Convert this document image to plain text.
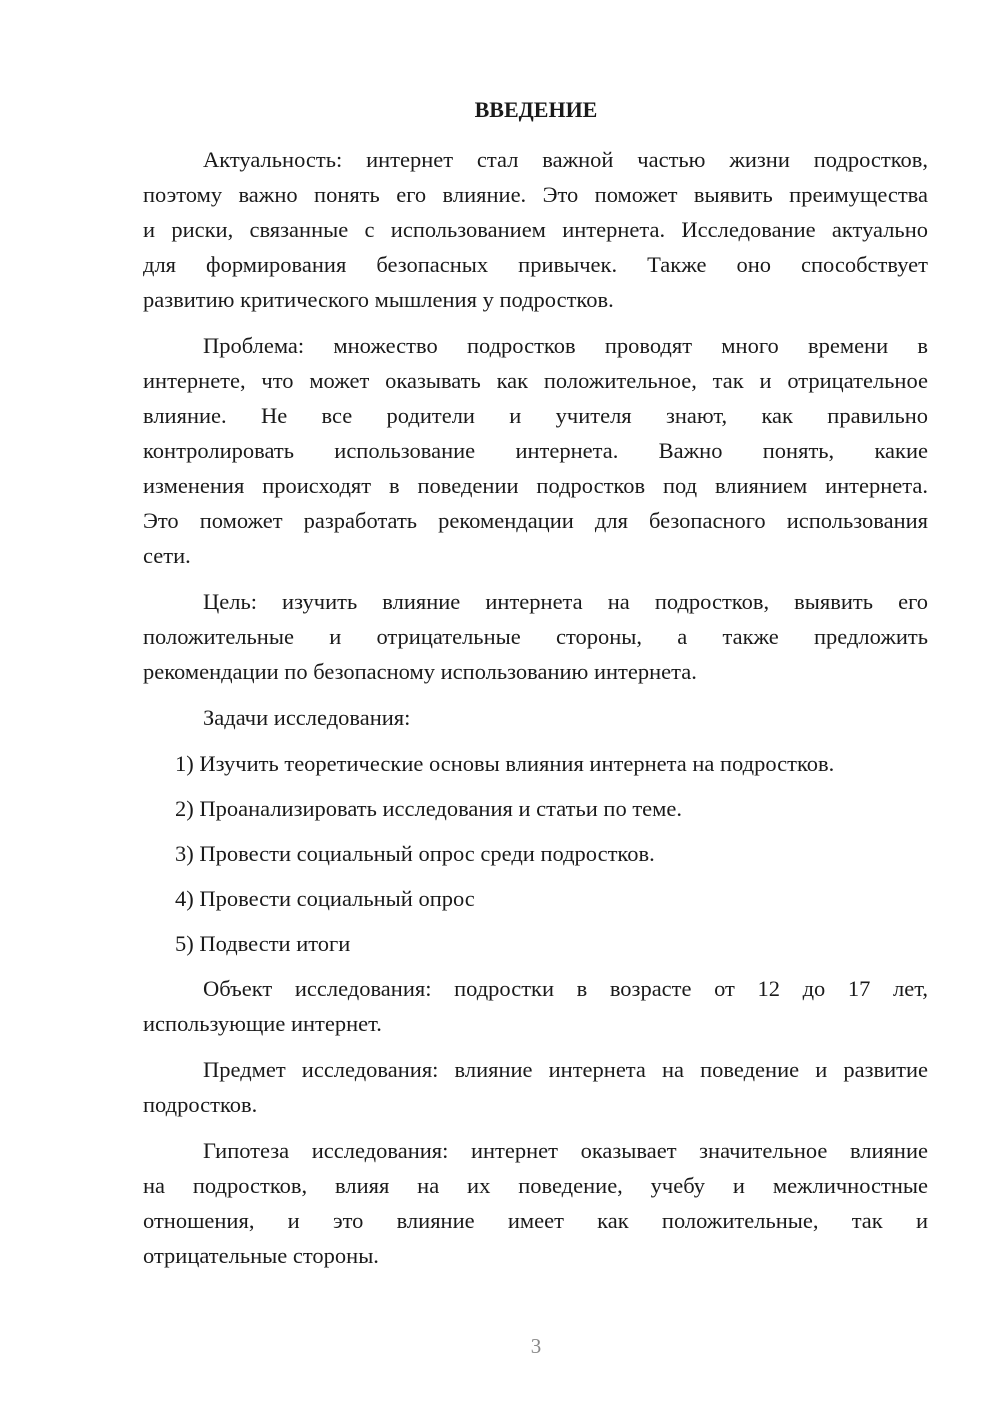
ВВЕДЕНИЕ
Актуальность: интернет стал важной частью жизни подростков,
поэтому важно понять его влияние. Это поможет выявить преимущества
и риски, связанные с использованием интернета. Исследование актуально
для формирования безопасных привычек. Также оно способствует
развитию критического мышления у подростков.
Проблема: множество подростков проводят много времени в
интернете, что может оказывать как положительное, так и отрицательное
влияние. Не все родители и учителя знают, как правильно
контролировать использование интернета. Важно понять, какие
изменения происходят в поведении подростков под влиянием интернета.
Это поможет разработать рекомендации для безопасного использования
сети.
Цель: изучить влияние интернета на подростков, выявить его
положительные и отрицательные стороны, а также предложить
рекомендации по безопасному использованию интернета.
Задачи исследования:
1) Изучить теоретические основы влияния интернета на подростков.
2) Проанализировать исследования и статьи по теме.
3) Провести социальный опрос среди подростков.
4) Провести социальный опрос
5) Подвести итоги
Объект исследования: подростки в возрасте от 12 до 17 лет,
использующие интернет.
Предмет исследования: влияние интернета на поведение и развитие
подростков.
Гипотеза исследования: интернет оказывает значительное влияние
на подростков, влияя на их поведение, учебу и межличностные
отношения, и это влияние имеет как положительные, так и
отрицательные стороны.
3
